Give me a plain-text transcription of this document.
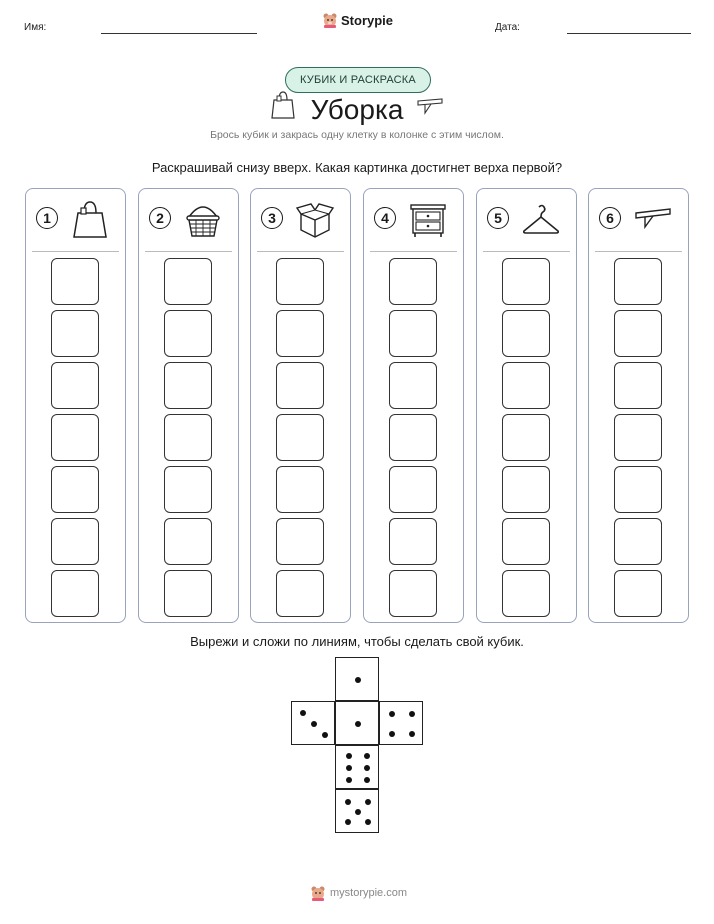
Имя:	Storypie	Дата:
КУБИК И РАСКРАСКА
Уборка
Брось кубик и закрась одну клетку в колонке с этим числом.
Раскрашивай снизу вверх. Какая картинка достигнет верха первой?
1	2	3	4	5	6
Вырежи и сложи по линиям, чтобы сделать свой кубик.
mystorypie.com
